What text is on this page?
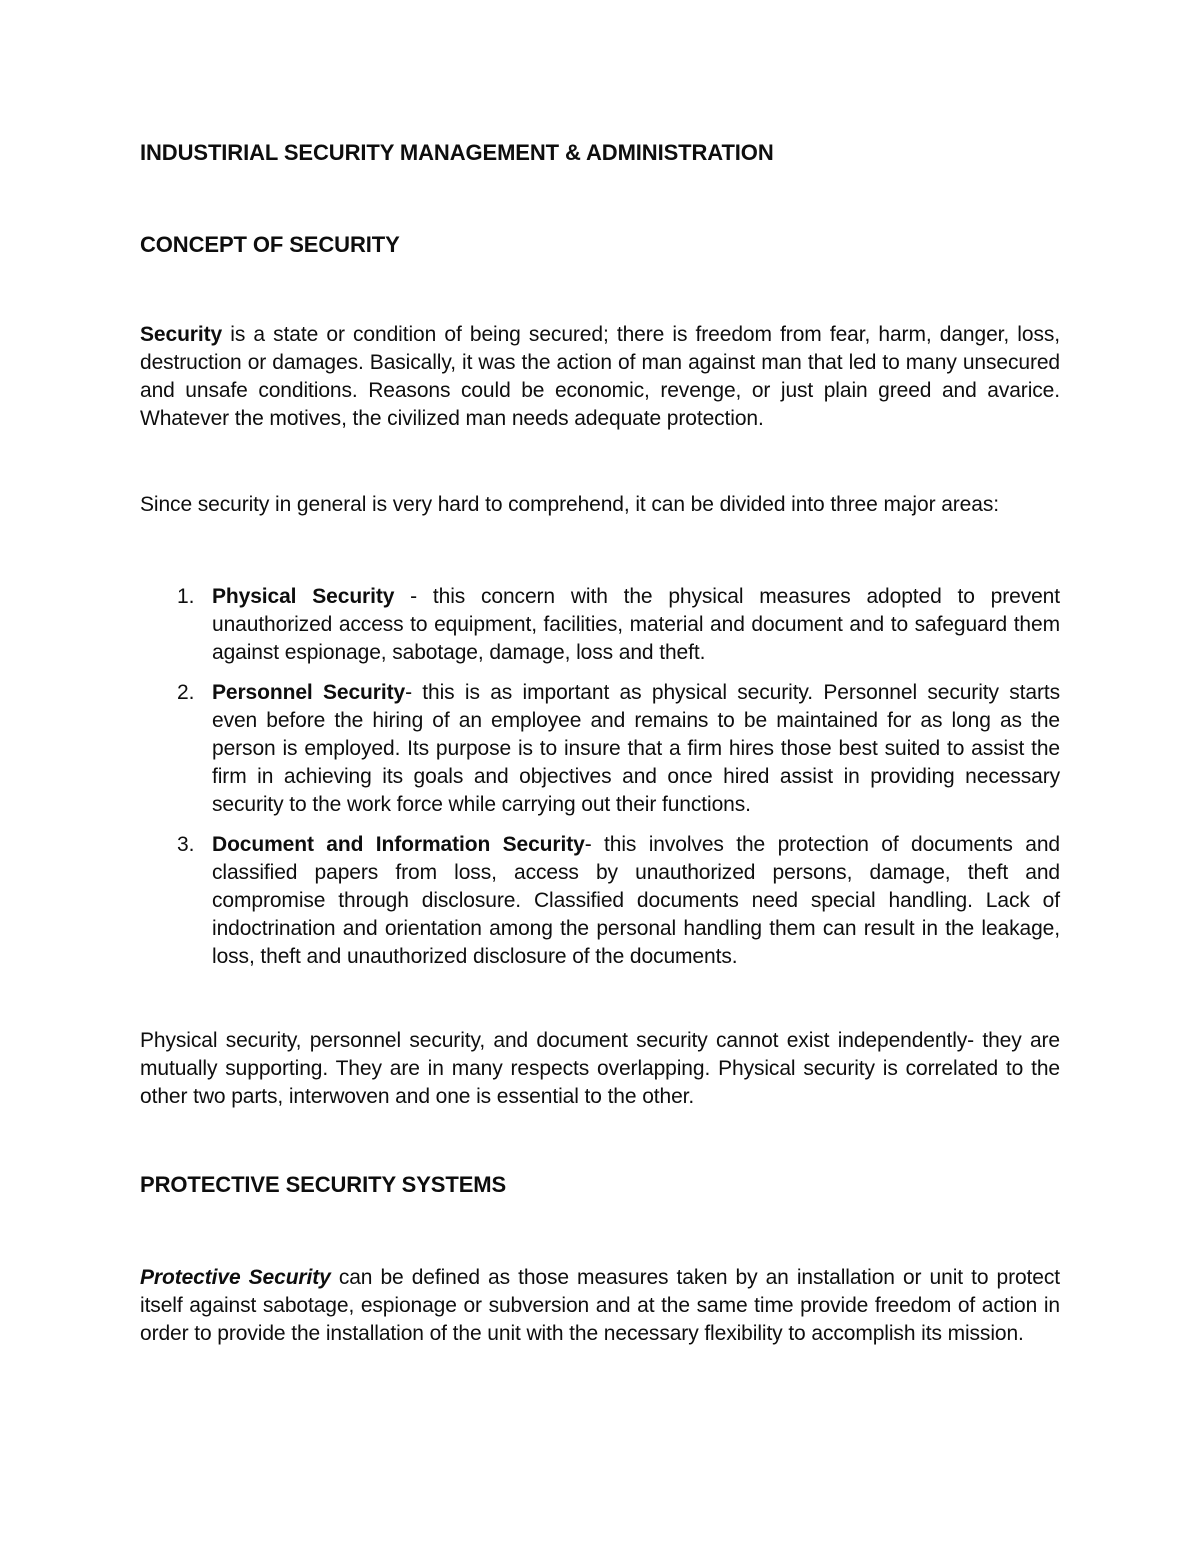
INDUSTIRIAL SECURITY MANAGEMENT & ADMINISTRATION
CONCEPT OF SECURITY

Security is a state or condition of being secured; there is freedom from fear, harm, danger, loss, destruction or damages. Basically, it was the action of man against man that led to many unsecured and unsafe conditions. Reasons could be economic, revenge, or just plain greed and avarice. Whatever the motives, the civilized man needs adequate protection.

Since security in general is very hard to comprehend, it can be divided into three major areas:

1. Physical Security - this concern with the physical measures adopted to prevent unauthorized access to equipment, facilities, material and document and to safeguard them against espionage, sabotage, damage, loss and theft.

2. Personnel Security- this is as important as physical security. Personnel security starts even before the hiring of an employee and remains to be maintained for as long as the person is employed. Its purpose is to insure that a firm hires those best suited to assist the firm in achieving its goals and objectives and once hired assist in providing necessary security to the work force while carrying out their functions.

3. Document and Information Security- this involves the protection of documents and classified papers from loss, access by unauthorized persons, damage, theft and compromise through disclosure. Classified documents need special handling. Lack of indoctrination and orientation among the personal handling them can result in the leakage, loss, theft and unauthorized disclosure of the documents.

Physical security, personnel security, and document security cannot exist independently- they are mutually supporting. They are in many respects overlapping. Physical security is correlated to the other two parts, interwoven and one is essential to the other.

PROTECTIVE SECURITY SYSTEMS

Protective Security can be defined as those measures taken by an installation or unit to protect itself against sabotage, espionage or subversion and at the same time provide freedom of action in order to provide the installation of the unit with the necessary flexibility to accomplish its mission.
